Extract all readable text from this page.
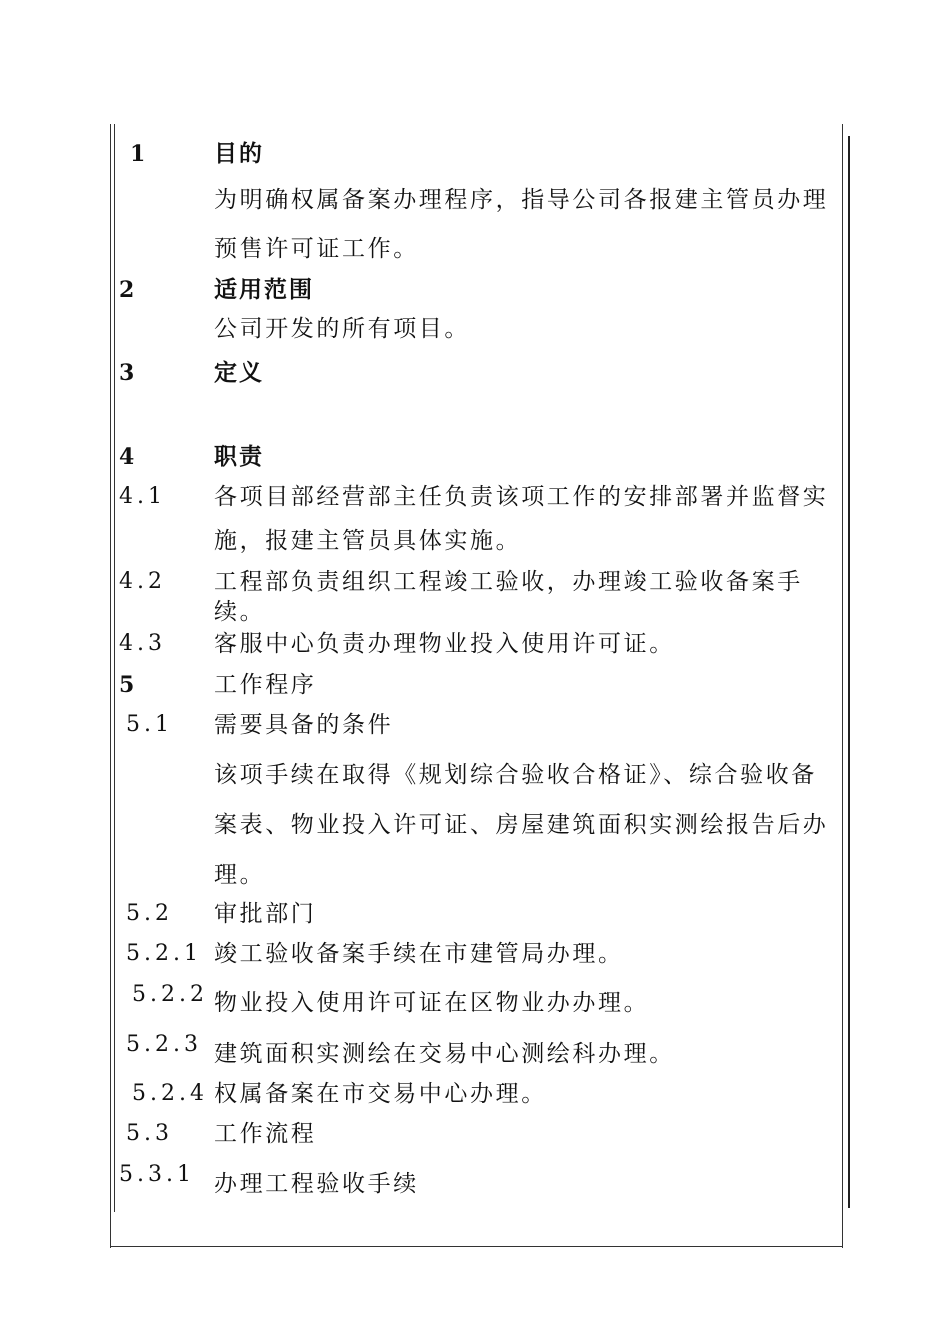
1	目的
为明确权属备案办理程序，指导公司各报建主管员办理
预售许可证工作。
2	适用范围
公司开发的所有项目。
3	定义
4	职责
4.1 各项目部经营部主任负责该项工作的安排部署并监督实
施，报建主管员具体实施。
4.2 工程部负责组织工程竣工验收，办理竣工验收备案手
续。
4.3 客服中心负责办理物业投入使用许可证。
5	工作程序
5.1 需要具备的条件
该项手续在取得《规划综合验收合格证》、综合验收备
案表、物业投入许可证、房屋建筑面积实测绘报告后办
理。
5.2 审批部门
5.2.1 竣工验收备案手续在市建管局办理。
5.2.2 物业投入使用许可证在区物业办办理。
5.2.3 建筑面积实测绘在交易中心测绘科办理。
5.2.4 权属备案在市交易中心办理。
5.3 工作流程
5.3.1 办理工程验收手续
